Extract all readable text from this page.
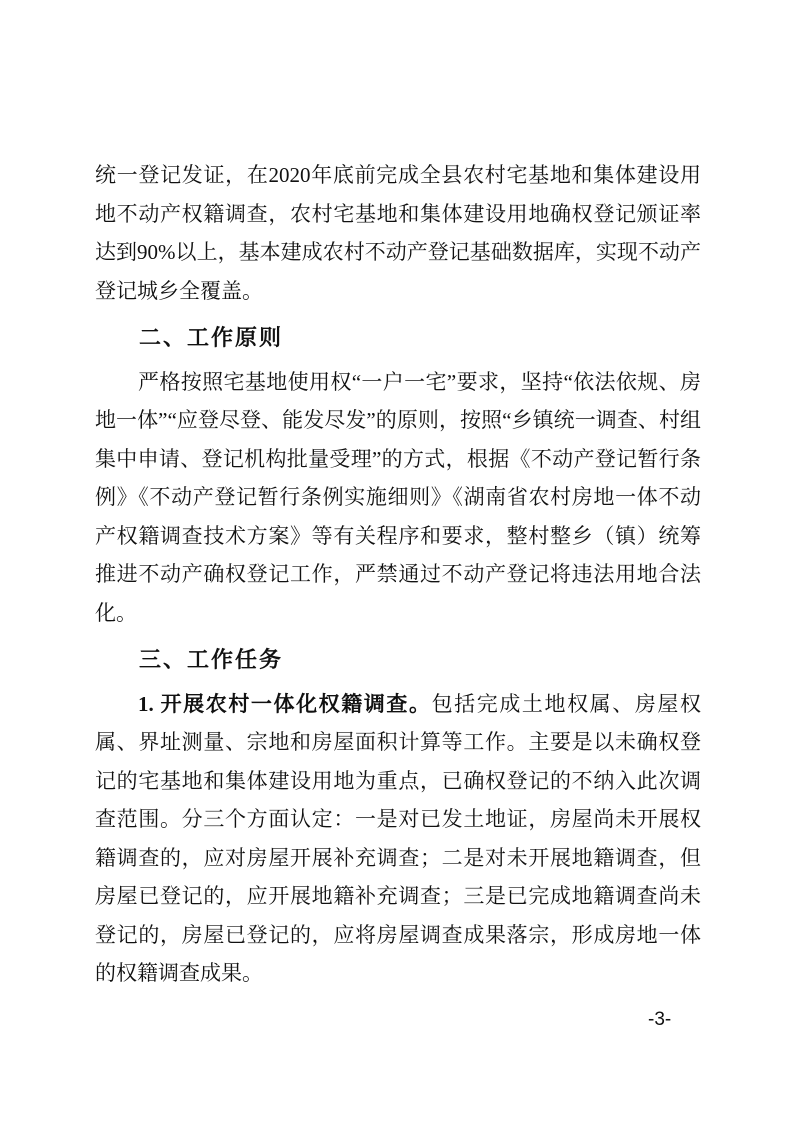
统一登记发证，在2020年底前完成全县农村宅基地和集体建设用地不动产权籍调查，农村宅基地和集体建设用地确权登记颁证率达到90%以上，基本建成农村不动产登记基础数据库，实现不动产登记城乡全覆盖。

二、工作原则

严格按照宅基地使用权“一户一宅”要求，坚持“依法依规、房地一体”“应登尽登、能发尽发”的原则，按照“乡镇统一调查、村组集中申请、登记机构批量受理”的方式，根据《不动产登记暂行条例》《不动产登记暂行条例实施细则》《湖南省农村房地一体不动产权籍调查技术方案》等有关程序和要求，整村整乡（镇）统筹推进不动产确权登记工作，严禁通过不动产登记将违法用地合法化。

三、工作任务

1. 开展农村一体化权籍调查。包括完成土地权属、房屋权属、界址测量、宗地和房屋面积计算等工作。主要是以未确权登记的宅基地和集体建设用地为重点，已确权登记的不纳入此次调查范围。分三个方面认定：一是对已发土地证，房屋尚未开展权籍调查的，应对房屋开展补充调查；二是对未开展地籍调查，但房屋已登记的，应开展地籍补充调查；三是已完成地籍调查尚未登记的，房屋已登记的，应将房屋调查成果落宗，形成房地一体的权籍调查成果。

-3-
